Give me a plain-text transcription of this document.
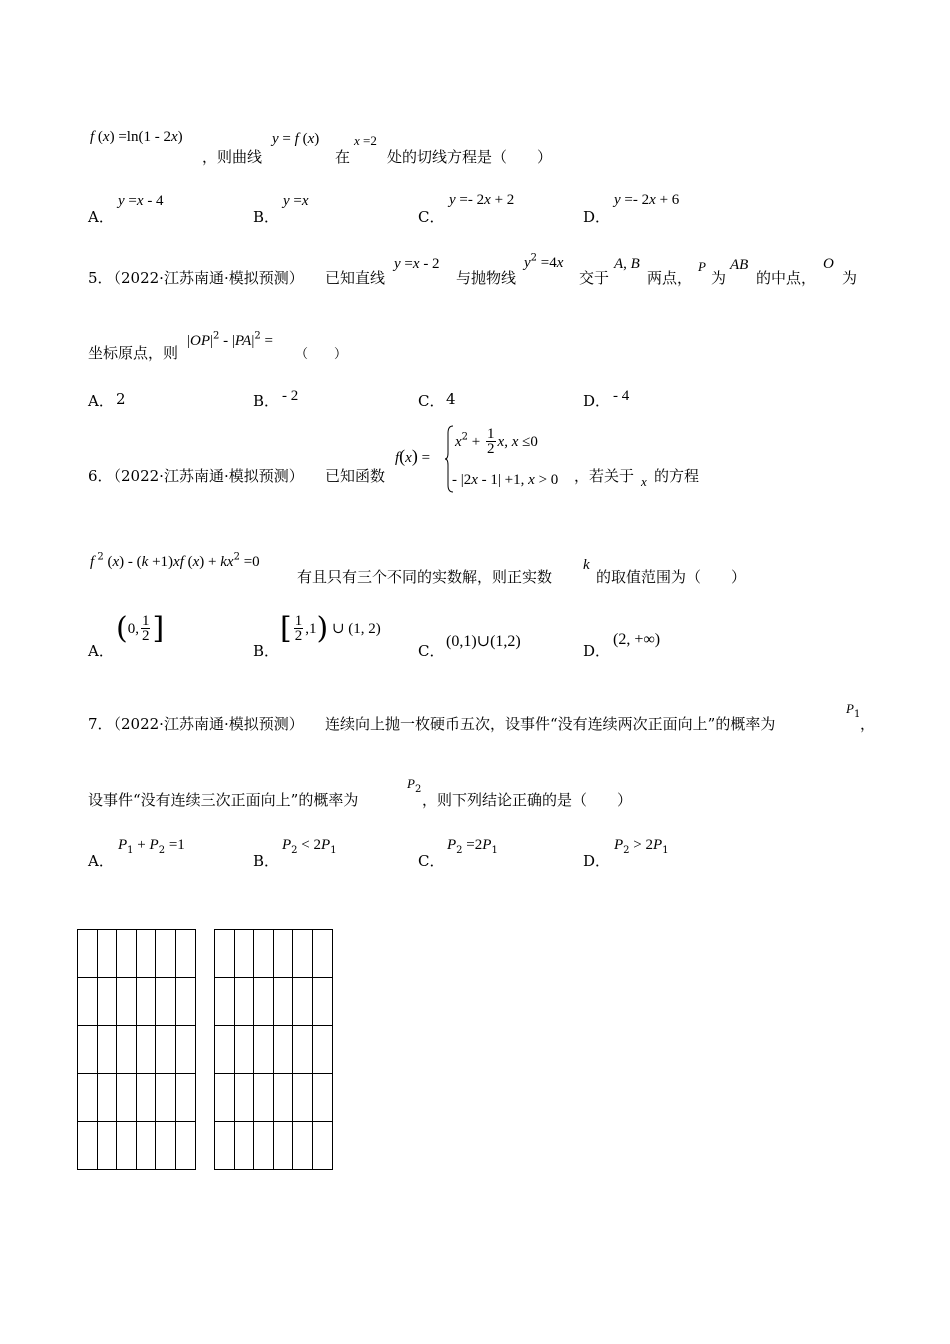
f (x) =ln(1 - 2x)
，则曲线
y = f (x)
在
x =2
处的切线方程是（　　）
A．
y =x - 4
B．
y =x
C．
y =- 2x + 2
D．
y =- 2x + 6
5．
（2022·江苏南通·模拟预测） 已知直线
y =x - 2
与抛物线
$y^2 =4x$
交于
A, B
两点，
P
为
AB
的中点，
O
为
坐标原点，则
$|OP|^2 - |PA|^2$ =
（　　）
A． 2	B． - 2	C． 4	D． - 4
6．
（2022·江苏南通·模拟预测） 已知函数
f(x) =
$x^2 + \frac{1}{2} x$, x ≤0
- |2x - 1| +1, x > 0 ，若关于 x 的方程
f $^2$ (x) - (k +1)xf $(x) + kx^2 =0$
有且只有三个不同的实数解，则正实数
k
的取值范围为（　　）
A．
(0, $\frac{1}{2}$ ]
B．
[ $\frac{1}{2} ,1$) ∪ (1, 2)
C．
(0,1)∪(1,2)
D．
(2, +∞)
7．
（2022·江苏南通·模拟预测） 连续向上抛一枚硬币五次，设事件“没有连续两次正面向上”的概率为
$P_1$
，
设事件“没有连续三次正面向上”的概率为
$P_2$
，则下列结论正确的是（　　）
A．
$P_1 + P_2 =1$
B．
$P_2 < 2P_1$
C．
$P_2 =2P_1$
D．
$P_2 > 2P_1$
